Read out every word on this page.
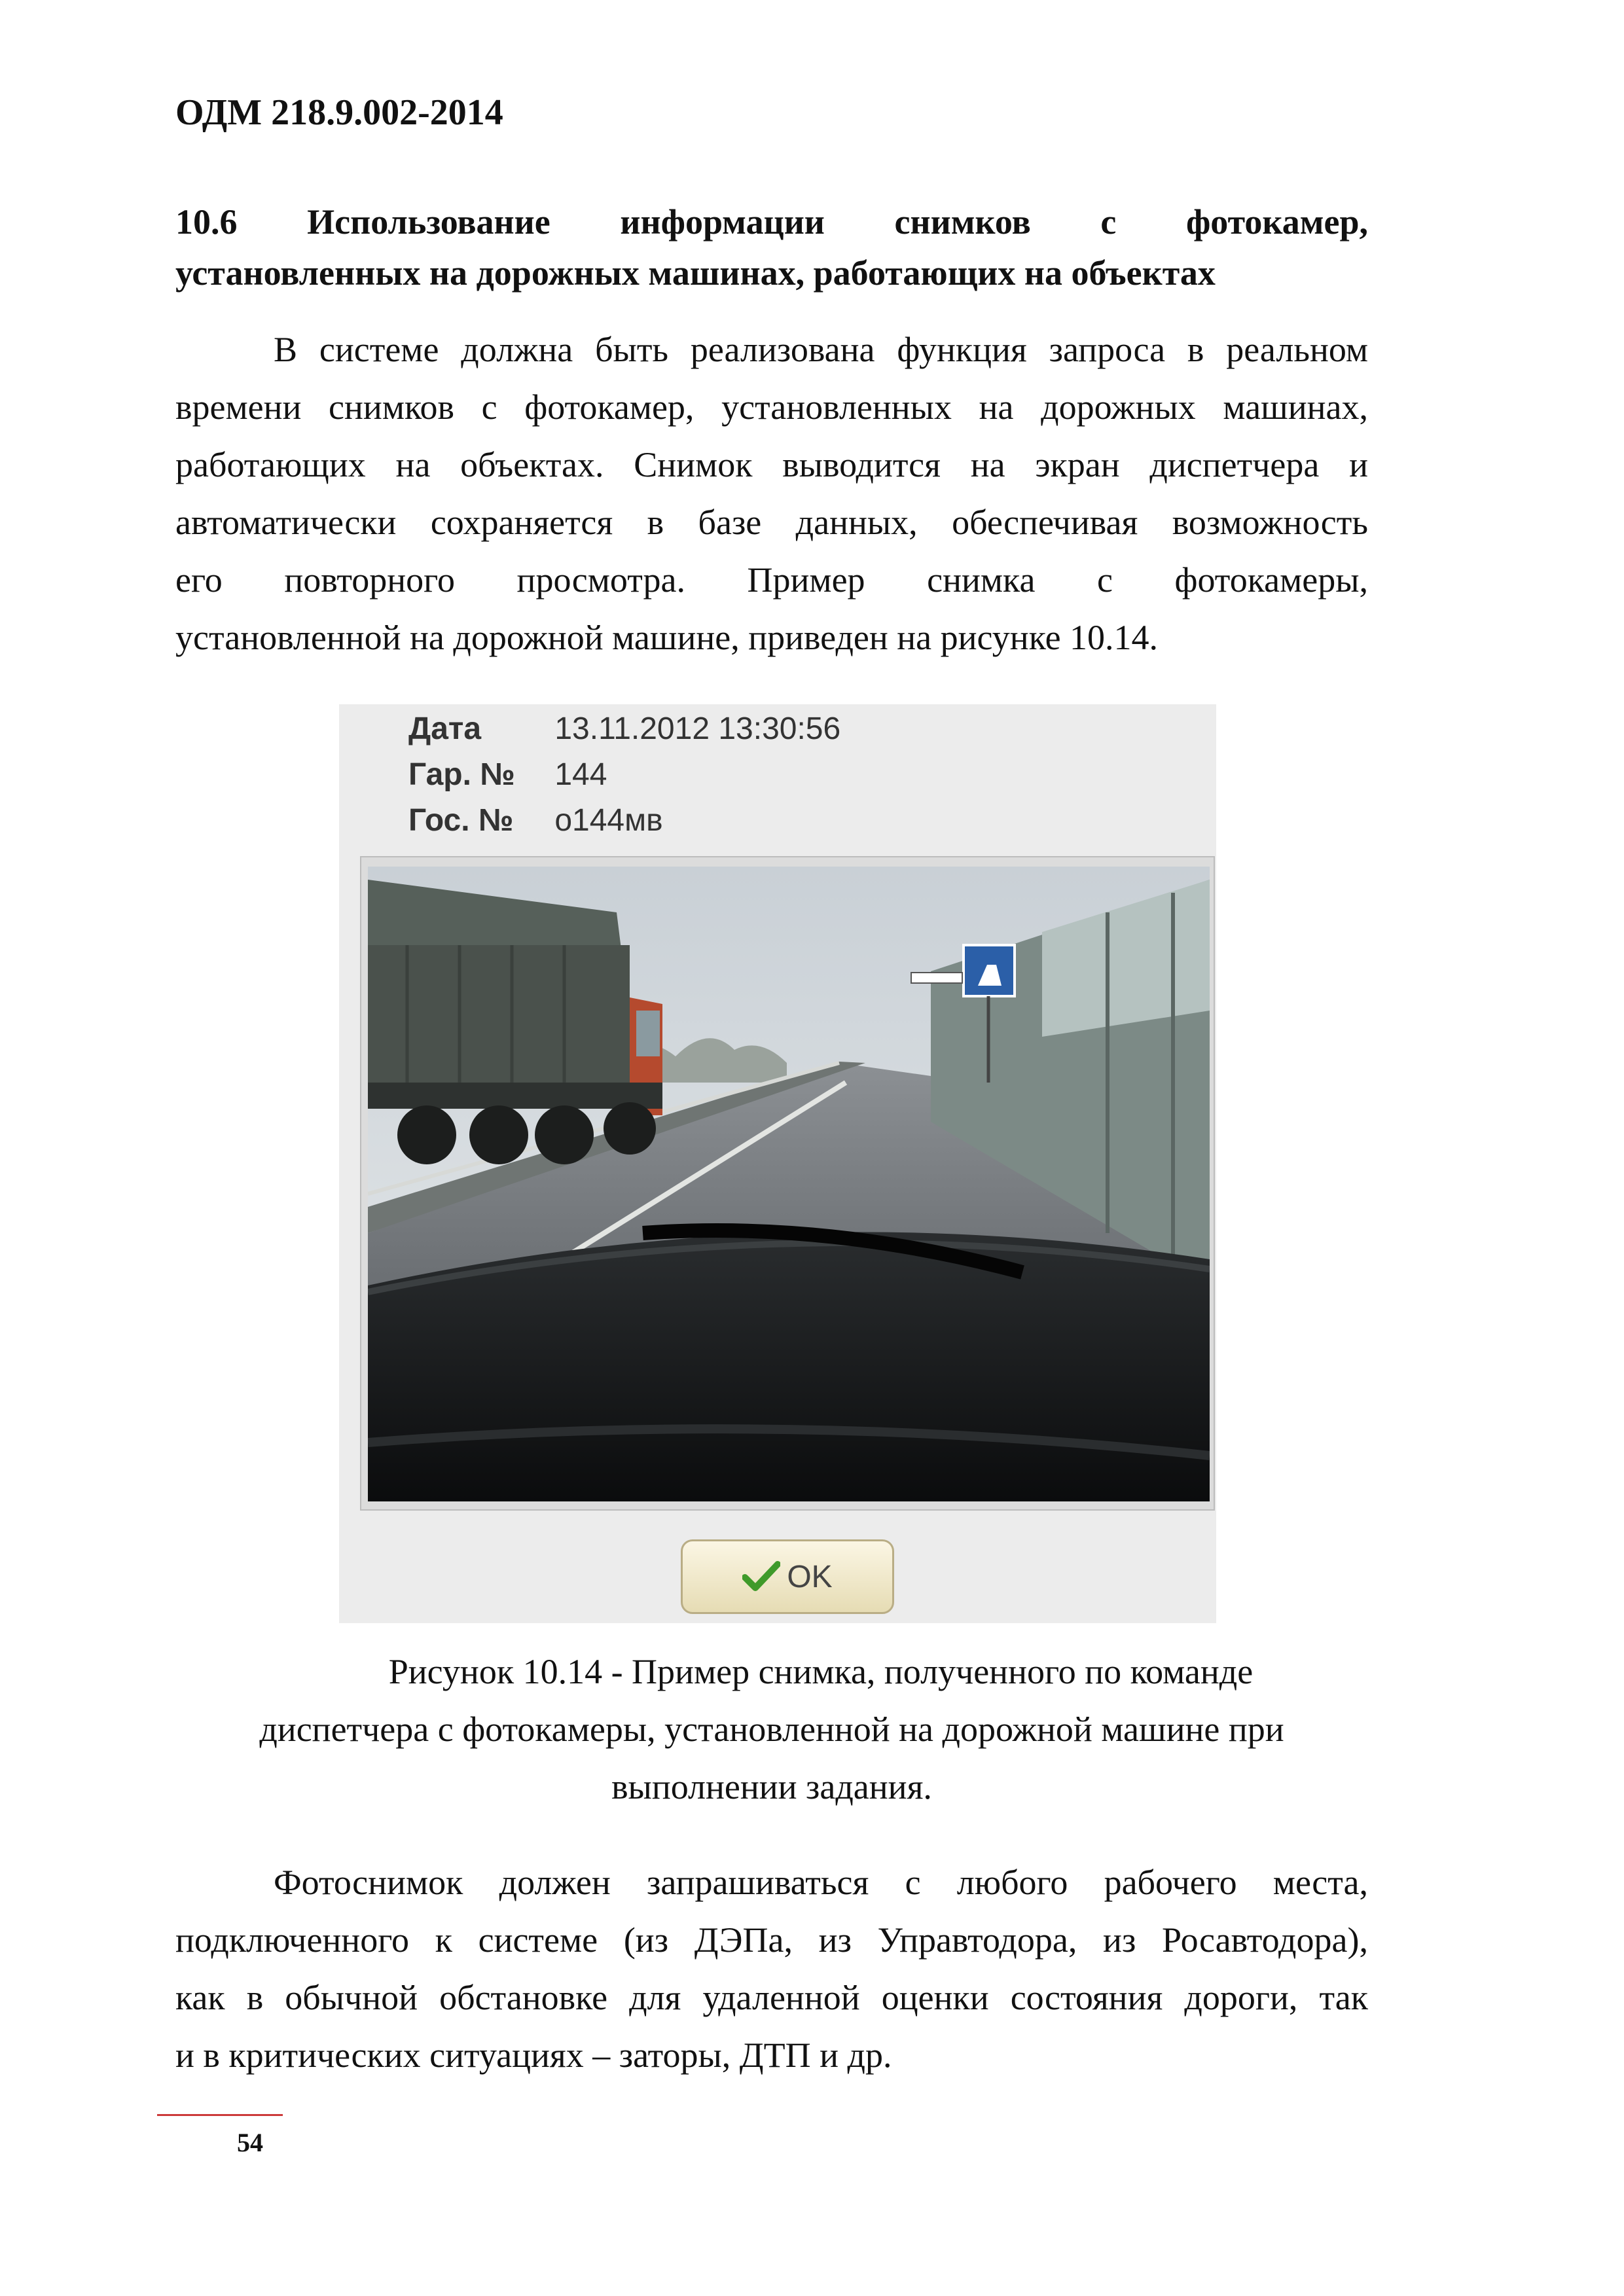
ОДМ 218.9.002-2014
10.6 Использование информации снимков с фотокамер,
установленных на дорожных машинах, работающих на объектах
В системе должна быть реализована функция запроса в реальном
времени снимков с фотокамер, установленных на дорожных машинах,
работающих на объектах. Снимок выводится на экран диспетчера и
автоматически сохраняется в базе данных, обеспечивая возможность
его повторного просмотра. Пример снимка с фотокамеры,
установленной на дорожной машине, приведен на рисунке 10.14.
Дата 13.11.2012 13:30:56
Гар. № 144
Гос. № о144мв
OK
Рисунок 10.14 - Пример снимка, полученного по команде
диспетчера с фотокамеры, установленной на дорожной машине при
выполнении задания.
Фотоснимок должен запрашиваться с любого рабочего места,
подключенного к системе (из ДЭПа, из Управтодора, из Росавтодора),
как в обычной обстановке для удаленной оценки состояния дороги, так
и в критических ситуациях – заторы, ДТП и др.
54
